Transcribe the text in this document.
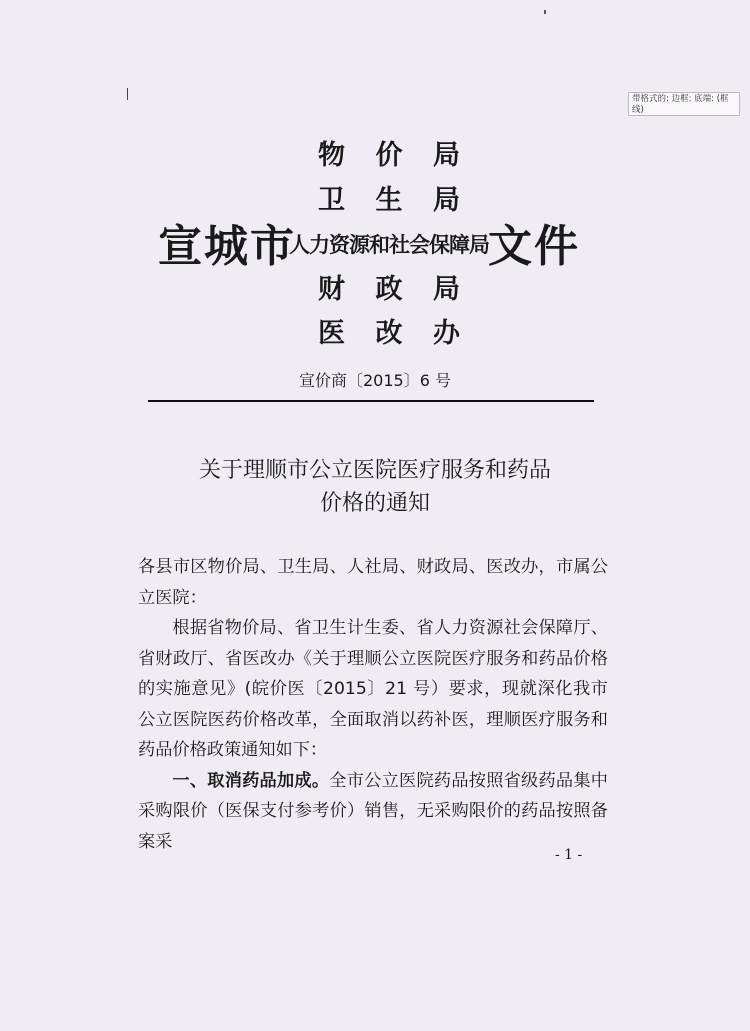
带格式的: 边框: 底端: (框线)
宣城市
物 价 局
卫 生 局
人力资源和社会保障局
财 政 局
医 改 办
文件
宣价商〔2015〕6 号
关于理顺市公立医院医疗服务和药品
价格的通知

各县市区物价局、卫生局、人社局、财政局、医改办，市属公立医院：

根据省物价局、省卫生计生委、省人力资源社会保障厅、省财政厅、省医改办《关于理顺公立医院医疗服务和药品价格的实施意见》(皖价医〔2015〕21 号）要求，现就深化我市公立医院医药价格改革，全面取消以药补医，理顺医疗服务和药品价格政策通知如下：

一、取消药品加成。全市公立医院药品按照省级药品集中采购限价（医保支付参考价）销售，无采购限价的药品按照备案采

- 1 -
